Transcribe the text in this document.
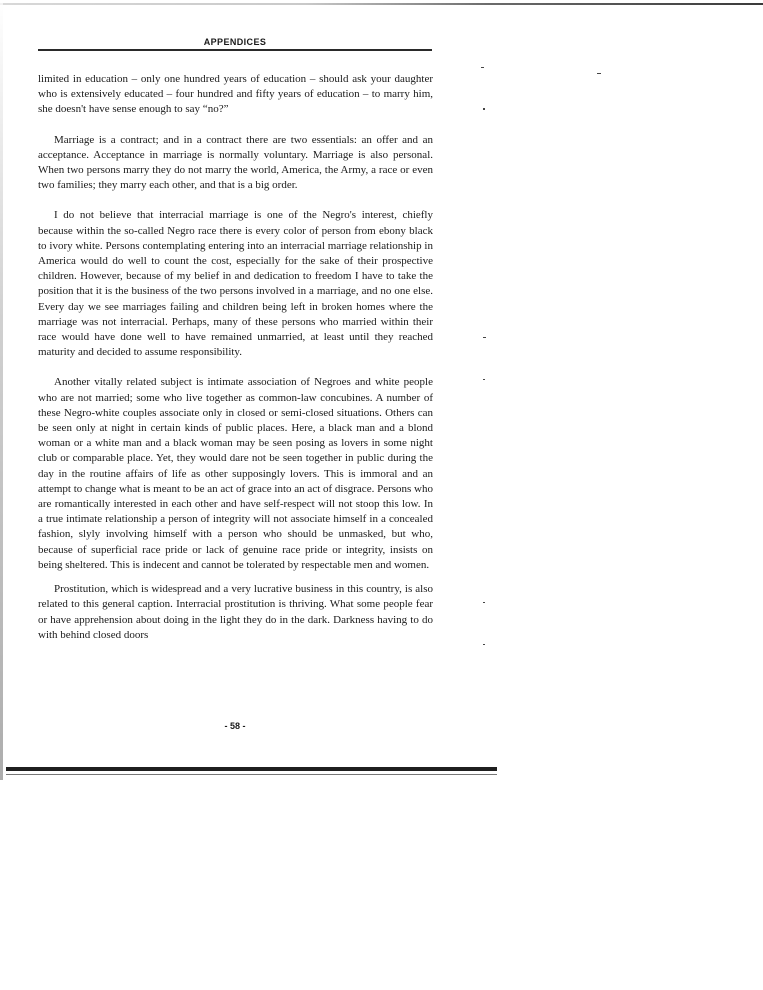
APPENDICES

limited in education – only one hundred years of education – should ask your daughter who is extensively educated – four hundred and fifty years of education – to marry him, she doesn't have sense enough to say “no?”

Marriage is a contract; and in a contract there are two essentials: an offer and an acceptance. Acceptance in marriage is normally voluntary. Marriage is also personal. When two persons marry they do not marry the world, America, the Army, a race or even two families; they marry each other, and that is a big order.

I do not believe that interracial marriage is one of the Negro's interest, chiefly because within the so-called Negro race there is every color of person from ebony black to ivory white. Persons contemplating entering into an interracial marriage relationship in America would do well to count the cost, especially for the sake of their prospective children. However, because of my belief in and dedication to freedom I have to take the position that it is the business of the two persons involved in a marriage, and no one else. Every day we see marriages failing and children being left in broken homes where the marriage was not interracial. Perhaps, many of these persons who married within their race would have done well to have remained unmarried, at least until they reached maturity and decided to assume responsibility.

Another vitally related subject is intimate association of Negroes and white people who are not married; some who live together as common-law concubines. A number of these Negro-white couples associate only in closed or semi-closed situations. Others can be seen only at night in certain kinds of public places. Here, a black man and a blond woman or a white man and a black woman may be seen posing as lovers in some night club or comparable place. Yet, they would dare not be seen together in public during the day in the routine affairs of life as other supposingly lovers. This is immoral and an attempt to change what is meant to be an act of grace into an act of disgrace. Persons who are romantically interested in each other and have self-respect will not stoop this low. In a true intimate relationship a person of integrity will not associate himself in a concealed fashion, slyly involving himself with a person who should be unmasked, but who, because of superficial race pride or lack of genuine race pride or integrity, insists on being sheltered. This is indecent and cannot be tolerated by respectable men and women.

Prostitution, which is widespread and a very lucrative business in this country, is also related to this general caption. Interracial prostitution is thriving. What some people fear or have apprehension about doing in the light they do in the dark. Darkness having to do with behind closed doors

- 58 -
